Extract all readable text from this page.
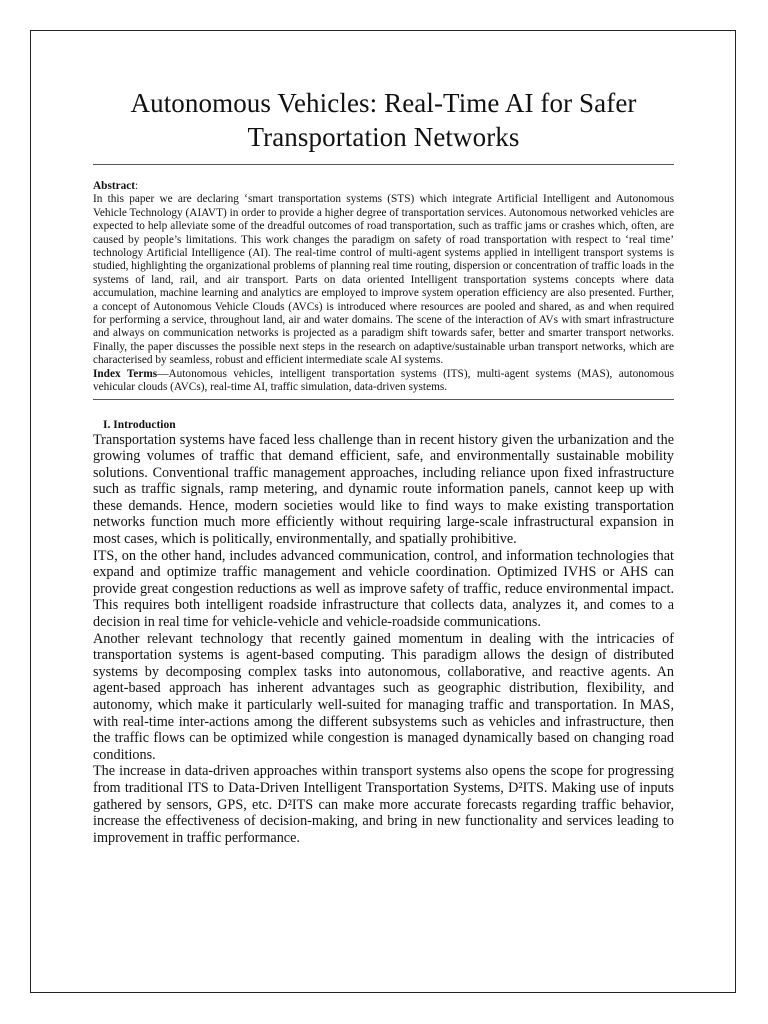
Autonomous Vehicles: Real-Time AI for Safer Transportation Networks

Abstract:

In this paper we are declaring ‘smart transportation systems (STS) which integrate Artificial Intelligent and Autonomous Vehicle Technology (AIAVT) in order to provide a higher degree of transportation services. Autonomous networked vehicles are expected to help alleviate some of the dreadful outcomes of road transportation, such as traffic jams or crashes which, often, are caused by people’s limitations. This work changes the paradigm on safety of road transportation with respect to ‘real time’ technology Artificial Intelligence (AI). The real-time control of multi-agent systems applied in intelligent transport systems is studied, highlighting the organizational problems of planning real time routing, dispersion or concentration of traffic loads in the systems of land, rail, and air transport. Parts on data oriented Intelligent transportation systems concepts where data accumulation, machine learning and analytics are employed to improve system operation efficiency are also presented. Further, a concept of Autonomous Vehicle Clouds (AVCs) is introduced where resources are pooled and shared, as and when required for performing a service, throughout land, air and water domains. The scene of the interaction of AVs with smart infrastructure and always on communication networks is projected as a paradigm shift towards safer, better and smarter transport networks. Finally, the paper discusses the possible next steps in the research on adaptive/sustainable urban transport networks, which are characterised by seamless, robust and efficient intermediate scale AI systems.

Index Terms—Autonomous vehicles, intelligent transportation systems (ITS), multi-agent systems (MAS), autonomous vehicular clouds (AVCs), real-time AI, traffic simulation, data-driven systems.

I. Introduction

Transportation systems have faced less challenge than in recent history given the urbanization and the growing volumes of traffic that demand efficient, safe, and environmentally sustainable mobility solutions. Conventional traffic management approaches, including reliance upon fixed infrastructure such as traffic signals, ramp metering, and dynamic route information panels, cannot keep up with these demands. Hence, modern societies would like to find ways to make existing transportation networks function much more efficiently without requiring large-scale infrastructural expansion in most cases, which is politically, environmentally, and spatially prohibitive.

ITS, on the other hand, includes advanced communication, control, and information technologies that expand and optimize traffic management and vehicle coordination. Optimized IVHS or AHS can provide great congestion reductions as well as improve safety of traffic, reduce environmental impact. This requires both intelligent roadside infrastructure that collects data, analyzes it, and comes to a decision in real time for vehicle-vehicle and vehicle-roadside communications.

Another relevant technology that recently gained momentum in dealing with the intricacies of transportation systems is agent-based computing. This paradigm allows the design of distributed systems by decomposing complex tasks into autonomous, collaborative, and reactive agents. An agent-based approach has inherent advantages such as geographic distribution, flexibility, and autonomy, which make it particularly well-suited for managing traffic and transportation. In MAS, with real-time inter-actions among the different subsystems such as vehicles and infrastructure, then the traffic flows can be optimized while congestion is managed dynamically based on changing road conditions.

The increase in data-driven approaches within transport systems also opens the scope for progressing from traditional ITS to Data-Driven Intelligent Transportation Systems, D²ITS. Making use of inputs gathered by sensors, GPS, etc. D²ITS can make more accurate forecasts regarding traffic behavior, increase the effectiveness of decision-making, and bring in new functionality and services leading to improvement in traffic performance.
